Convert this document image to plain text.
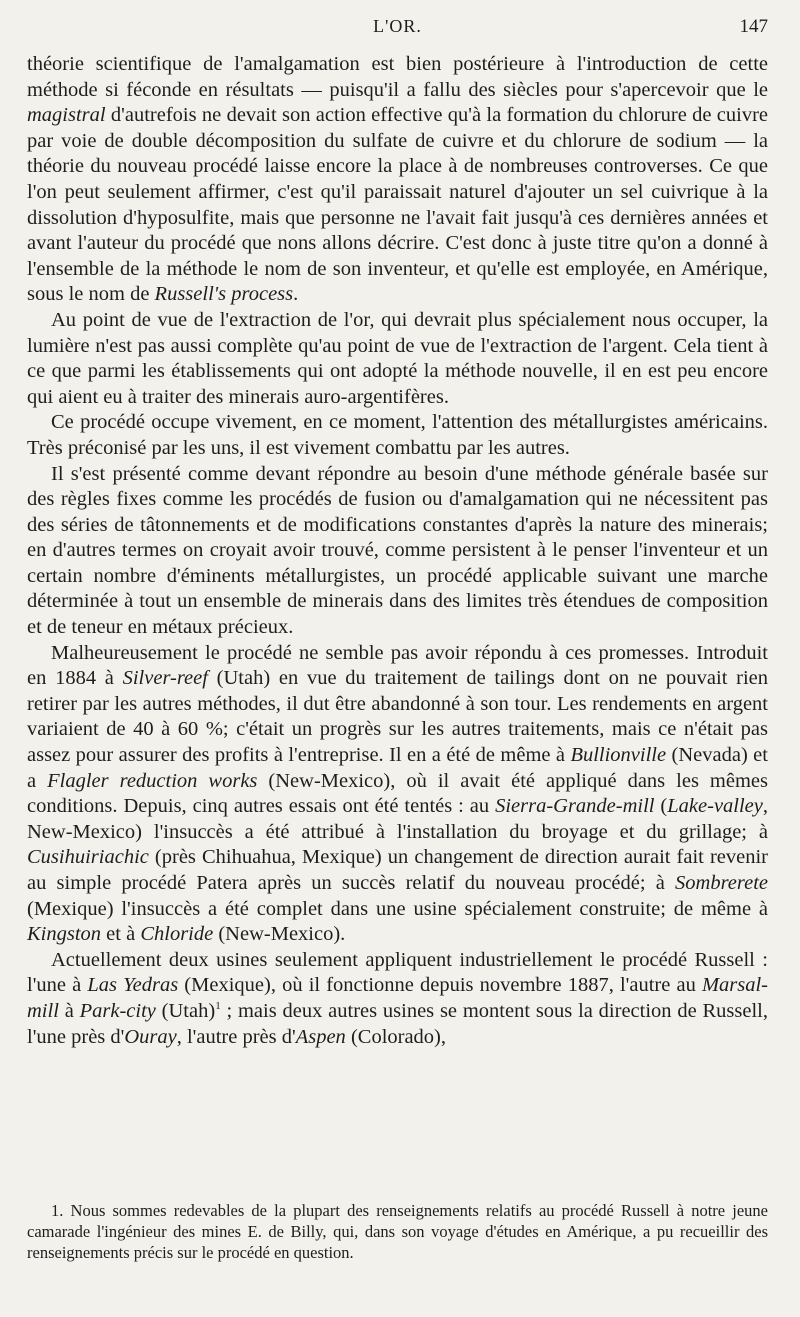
L'OR.	147

théorie scientifique de l'amalgamation est bien postérieure à l'introduction de cette méthode si féconde en résultats — puisqu'il a fallu des siècles pour s'apercevoir que le magistral d'autrefois ne devait son action effective qu'à la formation du chlorure de cuivre par voie de double décomposition du sulfate de cuivre et du chlorure de sodium — la théorie du nouveau procédé laisse encore la place à de nombreuses controverses. Ce que l'on peut seulement affirmer, c'est qu'il paraissait naturel d'ajouter un sel cuivrique à la dissolution d'hyposulfite, mais que personne ne l'avait fait jusqu'à ces dernières années et avant l'auteur du procédé que nons allons décrire. C'est donc à juste titre qu'on a donné à l'ensemble de la méthode le nom de son inventeur, et qu'elle est employée, en Amérique, sous le nom de Russell's process.

Au point de vue de l'extraction de l'or, qui devrait plus spécialement nous occuper, la lumière n'est pas aussi complète qu'au point de vue de l'extraction de l'argent. Cela tient à ce que parmi les établissements qui ont adopté la méthode nouvelle, il en est peu encore qui aient eu à traiter des minerais auro-argentifères.

Ce procédé occupe vivement, en ce moment, l'attention des métallurgistes américains. Très préconisé par les uns, il est vivement combattu par les autres.

Il s'est présenté comme devant répondre au besoin d'une méthode générale basée sur des règles fixes comme les procédés de fusion ou d'amalgamation qui ne nécessitent pas des séries de tâtonnements et de modifications constantes d'après la nature des minerais; en d'autres termes on croyait avoir trouvé, comme persistent à le penser l'inventeur et un certain nombre d'éminents métallurgistes, un procédé applicable suivant une marche déterminée à tout un ensemble de minerais dans des limites très étendues de composition et de teneur en métaux précieux.

Malheureusement le procédé ne semble pas avoir répondu à ces promesses. Introduit en 1884 à Silver-reef (Utah) en vue du traitement de tailings dont on ne pouvait rien retirer par les autres méthodes, il dut être abandonné à son tour. Les rendements en argent variaient de 40 à 60 %; c'était un progrès sur les autres traitements, mais ce n'était pas assez pour assurer des profits à l'entreprise. Il en a été de même à Bullionville (Nevada) et a Flagler reduction works (New-Mexico), où il avait été appliqué dans les mêmes conditions. Depuis, cinq autres essais ont été tentés : au Sierra-Grande-mill (Lake-valley, New-Mexico) l'insuccès a été attribué à l'installation du broyage et du grillage; à Cusihuiriachic (près Chihuahua, Mexique) un changement de direction aurait fait revenir au simple procédé Patera après un succès relatif du nouveau procédé; à Sombrerete (Mexique) l'insuccès a été complet dans une usine spécialement construite; de même à Kingston et à Chloride (New-Mexico).

Actuellement deux usines seulement appliquent industriellement le procédé Russell : l'une à Las Yedras (Mexique), où il fonctionne depuis novembre 1887, l'autre au Marsal-mill à Park-city (Utah)$^1$ ; mais deux autres usines se montent sous la direction de Russell, l'une près d'Ouray, l'autre près d'Aspen (Colorado),

1. Nous sommes redevables de la plupart des renseignements relatifs au procédé Russell à notre jeune camarade l'ingénieur des mines E. de Billy, qui, dans son voyage d'études en Amérique, a pu recueillir des renseignements précis sur le procédé en question.
